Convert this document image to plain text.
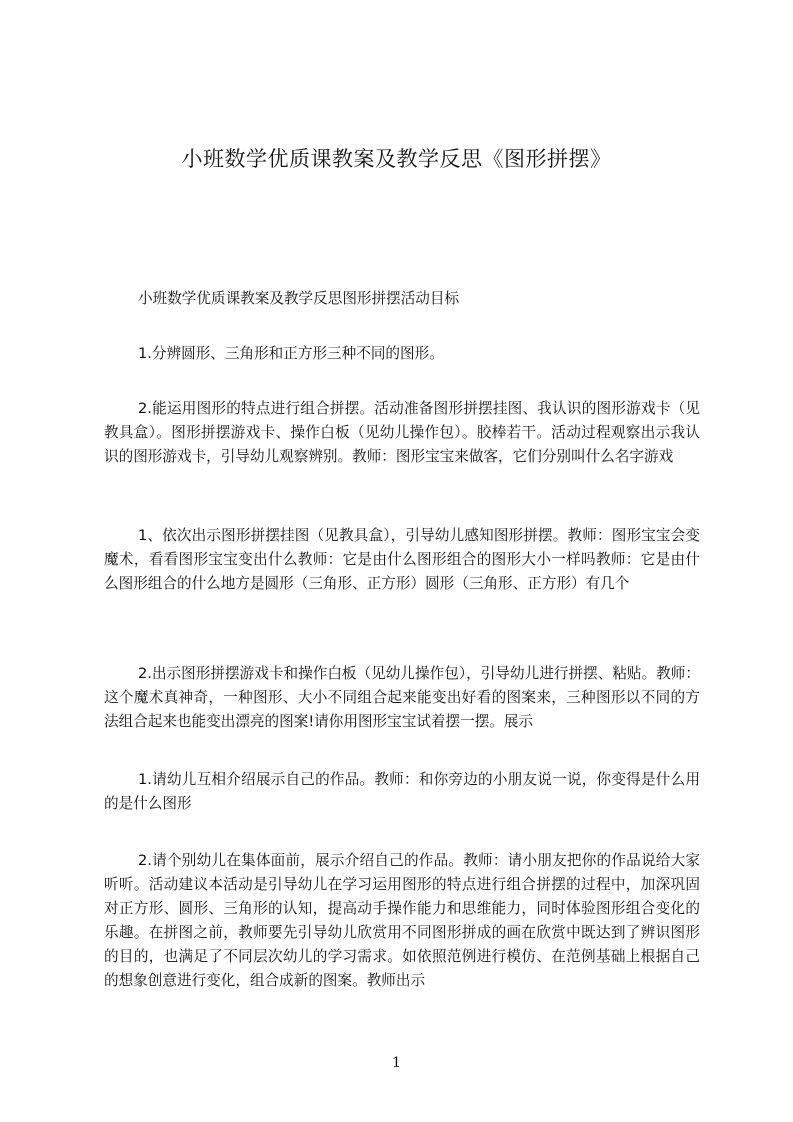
小班数学优质课教案及教学反思《图形拼摆》

小班数学优质课教案及教学反思图形拼摆活动目标

1.分辨圆形、三角形和正方形三种不同的图形。

2.能运用图形的特点进行组合拼摆。活动准备图形拼摆挂图、我认识的图形游戏卡（见教具盒）。图形拼摆游戏卡、操作白板（见幼儿操作包）。胶棒若干。活动过程观察出示我认识的图形游戏卡，引导幼儿观察辨别。教师：图形宝宝来做客，它们分别叫什么名字游戏

1、依次出示图形拼摆挂图（见教具盒），引导幼儿感知图形拼摆。教师：图形宝宝会变魔术，看看图形宝宝变出什么教师：它是由什么图形组合的图形大小一样吗教师：它是由什么图形组合的什么地方是圆形（三角形、正方形）圆形（三角形、正方形）有几个

2.出示图形拼摆游戏卡和操作白板（见幼儿操作包），引导幼儿进行拼摆、粘贴。教师：这个魔术真神奇，一种图形、大小不同组合起来能变出好看的图案来，三种图形以不同的方法组合起来也能变出漂亮的图案!请你用图形宝宝试着摆一摆。展示

1.请幼儿互相介绍展示自己的作品。教师：和你旁边的小朋友说一说，你变得是什么用的是什么图形

2.请个别幼儿在集体面前，展示介绍自己的作品。教师：请小朋友把你的作品说给大家听听。活动建议本活动是引导幼儿在学习运用图形的特点进行组合拼摆的过程中，加深巩固对正方形、圆形、三角形的认知，提高动手操作能力和思维能力，同时体验图形组合变化的乐趣。在拼图之前，教师要先引导幼儿欣赏用不同图形拼成的画在欣赏中既达到了辨识图形的目的，也满足了不同层次幼儿的学习需求。如依照范例进行模仿、在范例基础上根据自己的想象创意进行变化，组合成新的图案。教师出示

1
